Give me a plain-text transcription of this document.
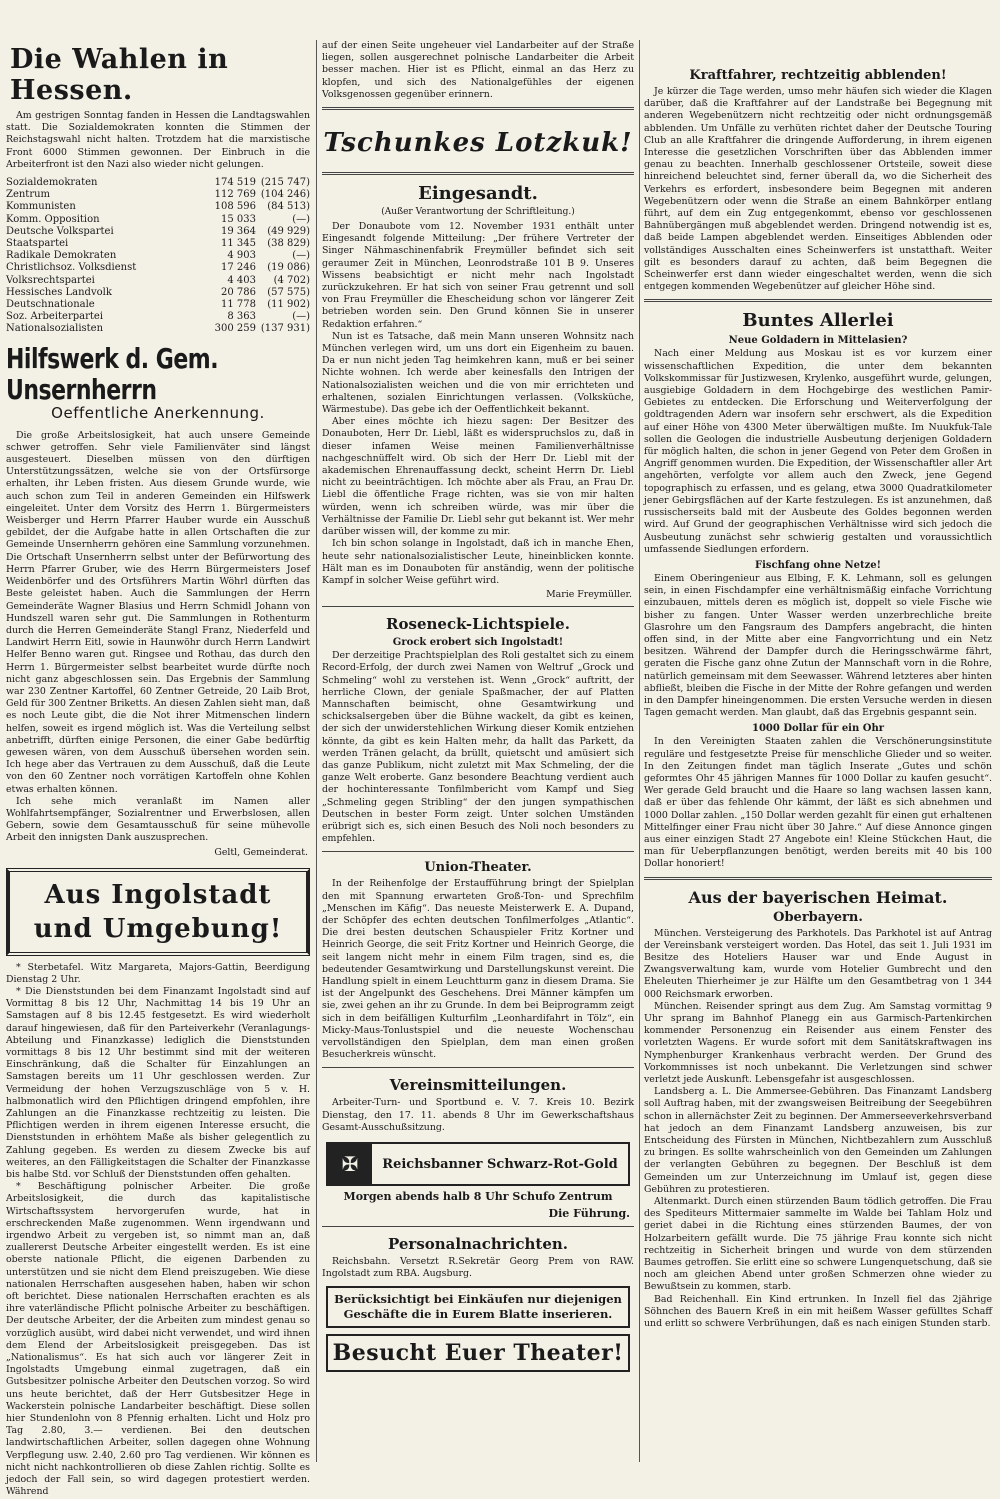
Die Wahlen in Hessen.

Am gestrigen Sonntag fanden in Hessen die Landtagswahlen statt. Die Sozialdemokraten konnten die Stimmen der Reichstagswahl nicht halten. Trotzdem hat die marxistische Front 6000 Stimmen gewonnen. Der Einbruch in die Arbeiterfront ist den Nazi also wieder nicht gelungen.

Sozialdemokraten	174 519 (215 747)
Zentrum	112 769 (104 246)
Kommunisten	108 596	(84 513)
Komm. Opposition	15 033	(—)
Deutsche Volkspartei	19 364	(49 929)
Staatspartei	11 345	(38 829)
Radikale Demokraten	4 903	(—)
Christlichsoz. Volksdienst	17 246	(19 086)
Volksrechtspartei	4 403	(4 702)
Hessisches Landvolk	20 786	(57 575)
Deutschnationale	11 778	(11 902)
Soz. Arbeiterpartei	8 363	(—)
Nationalsozialisten	300 259 (137 931)
Hilfswerk d. Gem. Unsernherrn
Oeffentliche Anerkennung.

Die große Arbeitslosigkeit, hat auch unsere Gemeinde schwer getroffen. Sehr viele Familienväter sind längst ausgesteuert. Dieselben müssen von den dürftigen Unterstützungssätzen, welche sie von der Ortsfürsorge erhalten, ihr Leben fristen. Aus diesem Grunde wurde, wie auch schon zum Teil in anderen Gemeinden ein Hilfswerk eingeleitet. Unter dem Vorsitz des Herrn 1. Bürgermeisters Weisberger und Herrn Pfarrer Hauber wurde ein Ausschuß gebildet, der die Aufgabe hatte in allen Ortschaften die zur Gemeinde Unsernherrn gehören eine Sammlung vorzunehmen. Die Ortschaft Unsernherrn selbst unter der Befürwortung des Herrn Pfarrer Gruber, wie des Herrn Bürgermeisters Josef Weidenbörfer und des Ortsführers Martin Wöhrl dürften das Beste geleistet haben. Auch die Sammlungen der Herrn Gemeinderäte Wagner Blasius und Herrn Schmidl Johann von Hundszell waren sehr gut. Die Sammlungen in Rothenturm durch die Herren Gemeinderäte Stangl Franz, Niederfeld und Landwirt Herrn Eitl, sowie in Haunwöhr durch Herrn Landwirt Helfer Benno waren gut. Ringsee und Rothau, das durch den Herrn 1. Bürgermeister selbst bearbeitet wurde dürfte noch nicht ganz abgeschlossen sein. Das Ergebnis der Sammlung war 230 Zentner Kartoffel, 60 Zentner Getreide, 20 Laib Brot, Geld für 300 Zentner Briketts. An diesen Zahlen sieht man, daß es noch Leute gibt, die die Not ihrer Mitmenschen lindern helfen, soweit es irgend möglich ist. Was die Verteilung selbst anbetrifft, dürften einige Personen, die einer Gabe bedürftig gewesen wären, von dem Ausschuß übersehen worden sein. Ich hege aber das Vertrauen zu dem Ausschuß, daß die Leute von den 60 Zentner noch vorrätigen Kartoffeln ohne Kohlen etwas erhalten können.

Ich sehe mich veranlaßt im Namen aller Wohlfahrtsempfänger, Sozialrentner und Erwerbslosen, allen Gebern, sowie dem Gesamtausschuß für seine mühevolle Arbeit den innigsten Dank auszusprechen.

Geltl, Gemeinderat.
Aus Ingolstadt und Umgebung!

* Sterbetafel. Witz Margareta, Majors-Gattin, Beerdigung Dienstag 2 Uhr.

* Die Dienststunden bei dem Finanzamt Ingolstadt sind auf Vormittag 8 bis 12 Uhr, Nachmittag 14 bis 19 Uhr an Samstagen auf 8 bis 12.45 festgesetzt. Es wird wiederholt darauf hingewiesen, daß für den Parteiverkehr (Veranlagungs-Abteilung und Finanzkasse) lediglich die Dienststunden vormittags 8 bis 12 Uhr bestimmt sind mit der weiteren Einschränkung, daß die Schalter für Einzahlungen an Samstagen bereits um 11 Uhr geschlossen werden. Zur Vermeidung der hohen Verzugszuschläge von 5 v. H. halbmonatlich wird den Pflichtigen dringend empfohlen, ihre Zahlungen an die Finanzkasse rechtzeitig zu leisten. Die Pflichtigen werden in ihrem eigenen Interesse ersucht, die Dienststunden in erhöhtem Maße als bisher gelegentlich zu Zahlung gegeben. Es werden zu diesem Zwecke bis auf weiteres, an den Fälligkeitstagen die Schalter der Finanzkasse bis halbe Std. vor Schluß der Dienststunden offen gehalten.

* Beschäftigung polnischer Arbeiter. Die große Arbeitslosigkeit, die durch das kapitalistische Wirtschaftssystem hervorgerufen wurde, hat in erschreckenden Maße zugenommen. Wenn irgendwann und irgendwo Arbeit zu vergeben ist, so nimmt man an, daß zuallererst Deutsche Arbeiter eingestellt werden. Es ist eine oberste nationale Pflicht, die eigenen Darbenden zu unterstützen und sie nicht dem Elend preiszugeben. Wie diese nationalen Herrschaften ausgesehen haben, haben wir schon oft berichtet. Diese nationalen Herrschaften erachten es als ihre vaterländische Pflicht polnische Arbeiter zu beschäftigen. Der deutsche Arbeiter, der die Arbeiten zum mindest genau so vorzüglich ausübt, wird dabei nicht verwendet, und wird ihnen dem Elend der Arbeitslosigkeit preisgegeben. Das ist „Nationalismus“. Es hat sich auch vor längerer Zeit in Ingolstadts Umgebung einmal zugetragen, daß ein Gutsbesitzer polnische Arbeiter den Deutschen vorzog. So wird uns heute berichtet, daß der Herr Gutsbesitzer Hege in Wackerstein polnische Landarbeiter beschäftigt. Diese sollen hier Stundenlohn von 8 Pfennig erhalten. Licht und Holz pro Tag 2.80, 3.— verdienen. Bei den deutschen landwirtschaftlichen Arbeiter, sollen dagegen ohne Wohnung Verpflegung usw. 2.40, 2.60 pro Tag verdienen. Wir können es nicht nicht nachkontrollieren ob diese Zahlen richtig. Sollte es jedoch der Fall sein, so wird dagegen protestiert werden. Während

auf der einen Seite ungeheuer viel Landarbeiter auf der Straße liegen, sollen ausgerechnet polnische Landarbeiter die Arbeit besser machen. Hier ist es Pflicht, einmal an das Herz zu klopfen, und sich des Nationalgefühles der eigenen Volksgenossen gegenüber erinnern.

Tschunkes Lotzkuk!
Eingesandt.
(Außer Verantwortung der Schriftleitung.)

Der Donaubote vom 12. November 1931 enthält unter Eingesandt folgende Mitteilung: „Der frühere Vertreter der Singer Nähmaschinenfabrik Freymüller befindet sich seit geraumer Zeit in München, Leonrodstraße 101 B 9. Unseres Wissens beabsichtigt er nicht mehr nach Ingolstadt zurückzukehren. Er hat sich von seiner Frau getrennt und soll von Frau Freymüller die Ehescheidung schon vor längerer Zeit betrieben worden sein. Den Grund können Sie in unserer Redaktion erfahren.“

Nun ist es Tatsache, daß mein Mann unseren Wohnsitz nach München verlegen wird, um uns dort ein Eigenheim zu bauen. Da er nun nicht jeden Tag heimkehren kann, muß er bei seiner Nichte wohnen. Ich werde aber keinesfalls den Intrigen der Nationalsozialisten weichen und die von mir errichteten und erhaltenen, sozialen Einrichtungen verlassen. (Volksküche, Wärmestube). Das gebe ich der Oeffentlichkeit bekannt.

Aber eines möchte ich hiezu sagen: Der Besitzer des Donauboten, Herr Dr. Liebl, läßt es widerspruchslos zu, daß in dieser infamen Weise meinen Familienverhältnisse nachgeschnüffelt wird. Ob sich der Herr Dr. Liebl mit der akademischen Ehrenauffassung deckt, scheint Herrn Dr. Liebl nicht zu beeinträchtigen. Ich möchte aber als Frau, an Frau Dr. Liebl die öffentliche Frage richten, was sie von mir halten würden, wenn ich schreiben würde, was mir über die Verhältnisse der Familie Dr. Liebl sehr gut bekannt ist. Wer mehr darüber wissen will, der komme zu mir.

Ich bin schon solange in Ingolstadt, daß ich in manche Ehen, heute sehr nationalsozialistischer Leute, hineinblicken konnte. Hält man es im Donauboten für anständig, wenn der politische Kampf in solcher Weise geführt wird.

Marie Freymüller.
Roseneck-Lichtspiele.
Grock erobert sich Ingolstadt!

Der derzeitige Prachtspielplan des Roli gestaltet sich zu einem Record-Erfolg, der durch zwei Namen von Weltruf „Grock und Schmeling“ wohl zu verstehen ist. Wenn „Grock“ auftritt, der herrliche Clown, der geniale Spaßmacher, der auf Platten Mannschaften beimischt, ohne Gesamtwirkung und schicksalsergeben über die Bühne wackelt, da gibt es keinen, der sich der unwiderstehlichen Wirkung dieser Komik entziehen könnte, da gibt es kein Halten mehr, da hallt das Parkett, da werden Tränen gelacht, da brüllt, quietscht und amüsiert sich das ganze Publikum, nicht zuletzt mit Max Schmeling, der die ganze Welt eroberte. Ganz besondere Beachtung verdient auch der hochinteressante Tonfilmbericht vom Kampf und Sieg „Schmeling gegen Stribling“ der den jungen sympathischen Deutschen in bester Form zeigt. Unter solchen Umständen erübrigt sich es, sich einen Besuch des Noli noch besonders zu empfehlen.

Union-Theater.

In der Reihenfolge der Erstaufführung bringt der Spielplan den mit Spannung erwarteten Groß-Ton- und Sprechfilm „Menschen im Käfig“. Das neueste Meisterwerk E. A. Dupand, der Schöpfer des echten deutschen Tonfilmerfolges „Atlantic“. Die drei besten deutschen Schauspieler Fritz Kortner und Heinrich George, die seit Fritz Kortner und Heinrich George, die seit langem nicht mehr in einem Film tragen, sind es, die bedeutender Gesamtwirkung und Darstellungskunst vereint. Die Handlung spielt in einem Leuchtturm ganz in diesem Drama. Sie ist der Angelpunkt des Geschehens. Drei Männer kämpfen um sie, zwei gehen an ihr zu Grunde. In dem bei Beiprogramm zeigt sich in dem beifälligen Kulturfilm „Leonhardifahrt in Tölz“, ein Micky-Maus-Tonlustspiel und die neueste Wochenschau vervollständigen den Spielplan, dem man einen großen Besucherkreis wünscht.

Vereinsmitteilungen.

Arbeiter-Turn- und Sportbund e. V. 7. Kreis 10. Bezirk Dienstag, den 17. 11. abends 8 Uhr im Gewerkschaftshaus Gesamt-Ausschußsitzung.

✠	Reichsbanner Schwarz-Rot-Gold
Morgen abends halb 8 Uhr Schufo Zentrum
Die Führung.
Personalnachrichten.

Reichsbahn. Versetzt R.Sekretär Georg Prem von RAW. Ingolstadt zum RBA. Augsburg.

Berücksichtigt bei Einkäufen nur diejenigen Geschäfte die in Eurem Blatte inserieren.
Besucht Euer Theater!
Kraftfahrer, rechtzeitig abblenden!

Je kürzer die Tage werden, umso mehr häufen sich wieder die Klagen darüber, daß die Kraftfahrer auf der Landstraße bei Begegnung mit anderen Wegebenützern nicht rechtzeitig oder nicht ordnungsgemäß abblenden. Um Unfälle zu verhüten richtet daher der Deutsche Touring Club an alle Kraftfahrer die dringende Aufforderung, in ihrem eigenen Interesse die gesetzlichen Vorschriften über das Abblenden immer genau zu beachten. Innerhalb geschlossener Ortsteile, soweit diese hinreichend beleuchtet sind, ferner überall da, wo die Sicherheit des Verkehrs es erfordert, insbesondere beim Begegnen mit anderen Wegebenützern oder wenn die Straße an einem Bahnkörper entlang führt, auf dem ein Zug entgegenkommt, ebenso vor geschlossenen Bahnübergängen muß abgeblendet werden. Dringend notwendig ist es, daß beide Lampen abgeblendet werden. Einseitiges Abblenden oder vollständiges Ausschalten eines Scheinwerfers ist unstatthaft. Weiter gilt es besonders darauf zu achten, daß beim Begegnen die Scheinwerfer erst dann wieder eingeschaltet werden, wenn die sich entgegen kommenden Wegebenützer auf gleicher Höhe sind.

Buntes Allerlei
Neue Goldadern in Mittelasien?

Nach einer Meldung aus Moskau ist es vor kurzem einer wissenschaftlichen Expedition, die unter dem bekannten Volkskommissar für Justizwesen, Krylenko, ausgeführt wurde, gelungen, ausgiebige Goldadern in dem Hochgebirge des westlichen Pamir-Gebietes zu entdecken. Die Erforschung und Weiterverfolgung der goldtragenden Adern war insofern sehr erschwert, als die Expedition auf einer Höhe von 4300 Meter überwältigen mußte. Im Nuukfuk-Tale sollen die Geologen die industrielle Ausbeutung derjenigen Goldadern für möglich halten, die schon in jener Gegend von Peter dem Großen in Angriff genommen wurden. Die Expedition, der Wissenschaftler aller Art angehörten, verfolgte vor allem auch den Zweck, jene Gegend topographisch zu erfassen, und es gelang, etwa 3000 Quadratkilometer jener Gebirgsflächen auf der Karte festzulegen. Es ist anzunehmen, daß russischerseits bald mit der Ausbeute des Goldes begonnen werden wird. Auf Grund der geographischen Verhältnisse wird sich jedoch die Ausbeutung zunächst sehr schwierig gestalten und voraussichtlich umfassende Siedlungen erfordern.

Fischfang ohne Netze!

Einem Oberingenieur aus Elbing, F. K. Lehmann, soll es gelungen sein, in einen Fischdampfer eine verhältnismäßig einfache Vorrichtung einzubauen, mittels deren es möglich ist, doppelt so viele Fische wie bisher zu fangen. Unter Wasser werden unzerbrechliche breite Glasrohre um den Fangsraum des Dampfers angebracht, die hinten offen sind, in der Mitte aber eine Fangvorrichtung und ein Netz besitzen. Während der Dampfer durch die Heringsschwärme fährt, geraten die Fische ganz ohne Zutun der Mannschaft vorn in die Rohre, natürlich gemeinsam mit dem Seewasser. Während letzteres aber hinten abfließt, bleiben die Fische in der Mitte der Rohre gefangen und werden in den Dampfer hineingenommen. Die ersten Versuche werden in diesen Tagen gemacht werden. Man glaubt, daß das Ergebnis gespannt sein.

1000 Dollar für ein Ohr

In den Vereinigten Staaten zahlen die Verschönerungsinstitute reguläre und festgesetzte Preise für menschliche Glieder und so weiter. In den Zeitungen findet man täglich Inserate „Gutes und schön geformtes Ohr 45 jährigen Mannes für 1000 Dollar zu kaufen gesucht“. Wer gerade Geld braucht und die Haare so lang wachsen lassen kann, daß er über das fehlende Ohr kämmt, der läßt es sich abnehmen und 1000 Dollar zahlen. „150 Dollar werden gezahlt für einen gut erhaltenen Mittelfinger einer Frau nicht über 30 Jahre.“ Auf diese Annonce gingen aus einer einzigen Stadt 27 Angebote ein! Kleine Stückchen Haut, die man für Ueberpflanzungen benötigt, werden bereits mit 40 bis 100 Dollar honoriert!

Aus der bayerischen Heimat.
Oberbayern.

München. Versteigerung des Parkhotels. Das Parkhotel ist auf Antrag der Vereinsbank versteigert worden. Das Hotel, das seit 1. Juli 1931 im Besitze des Hoteliers Hauser war und Ende August in Zwangsverwaltung kam, wurde vom Hotelier Gumbrecht und den Eheleuten Thierheimer je zur Hälfte um den Gesamtbetrag von 1 344 000 Reichsmark erworben.

München. Reisender springt aus dem Zug. Am Samstag vormittag 9 Uhr sprang im Bahnhof Planegg ein aus Garmisch-Partenkirchen kommender Personenzug ein Reisender aus einem Fenster des vorletzten Wagens. Er wurde sofort mit dem Sanitätskraftwagen ins Nymphenburger Krankenhaus verbracht werden. Der Grund des Vorkommnisses ist noch unbekannt. Die Verletzungen sind schwer verletzt jede Auskunft. Lebensgefahr ist ausgeschlossen.

Landsberg a. L. Die Ammersee-Gebühren. Das Finanzamt Landsberg soll Auftrag haben, mit der zwangsweisen Beitreibung der Seegebühren schon in allernächster Zeit zu beginnen. Der Ammerseeverkehrsverband hat jedoch an dem Finanzamt Landsberg anzuweisen, bis zur Entscheidung des Fürsten in München, Nichtbezahlern zum Ausschluß zu bringen. Es sollte wahrscheinlich von den Gemeinden um Zahlungen der verlangten Gebühren zu begegnen. Der Beschluß ist dem Gemeinden um zur Unterzeichnung im Umlauf ist, gegen diese Gebühren zu protestieren.

Altenmarkt. Durch einen stürzenden Baum tödlich getroffen. Die Frau des Spediteurs Mittermaier sammelte im Walde bei Tahlam Holz und geriet dabei in die Richtung eines stürzenden Baumes, der von Holzarbeitern gefällt wurde. Die 75 jährige Frau konnte sich nicht rechtzeitig in Sicherheit bringen und wurde von dem stürzenden Baumes getroffen. Sie erlitt eine so schwere Lungenquetschung, daß sie noch am gleichen Abend unter großen Schmerzen ohne wieder zu Bewußtsein zu kommen, starb.

Bad Reichenhall. Ein Kind ertrunken. In Inzell fiel das 2jährige Söhnchen des Bauern Kreß in ein mit heißem Wasser gefülltes Schaff und erlitt so schwere Verbrühungen, daß es nach einigen Stunden starb.
